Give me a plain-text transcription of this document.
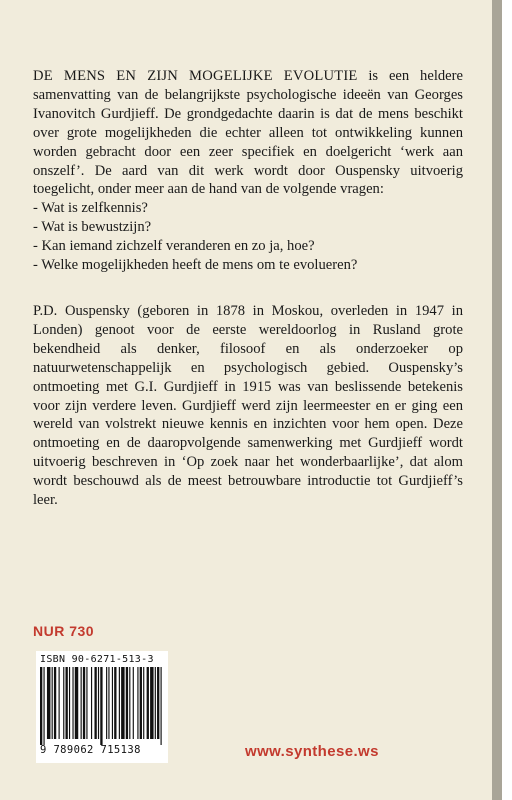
DE MENS EN ZIJN MOGELIJKE EVOLUTIE is een heldere samenvatting van de belangrijkste psychologische ideeën van Georges Ivanovitch Gurdjieff. De grondgedachte daarin is dat de mens beschikt over grote mogelijkheden die echter alleen tot ontwikkeling kunnen worden gebracht door een zeer specifiek en doelgericht ‘werk aan onszelf’. De aard van dit werk wordt door Ouspensky uitvoerig toegelicht, onder meer aan de hand van de volgende vragen:
- Wat is zelfkennis?
- Wat is bewustzijn?
- Kan iemand zichzelf veranderen en zo ja, hoe?
- Welke mogelijkheden heeft de mens om te evolueren?
P.D. Ouspensky (geboren in 1878 in Moskou, overleden in 1947 in Londen) genoot voor de eerste wereldoorlog in Rusland grote bekendheid als denker, filosoof en als onderzoeker op natuurwetenschappelijk en psychologisch gebied. Ouspensky’s ontmoeting met G.I. Gurdjieff in 1915 was van beslissende betekenis voor zijn verdere leven. Gurdjieff werd zijn leermeester en er ging een wereld van volstrekt nieuwe kennis en inzichten voor hem open. Deze ontmoeting en de daaropvolgende samenwerking met Gurdjieff wordt uitvoerig beschreven in ‘Op zoek naar het wonderbaarlijke’, dat alom wordt beschouwd als de meest betrouwbare introductie tot Gurdjieff’s leer.
NUR 730
ISBN 90-6271-513-3
9 789062 715138	www.synthese.ws
